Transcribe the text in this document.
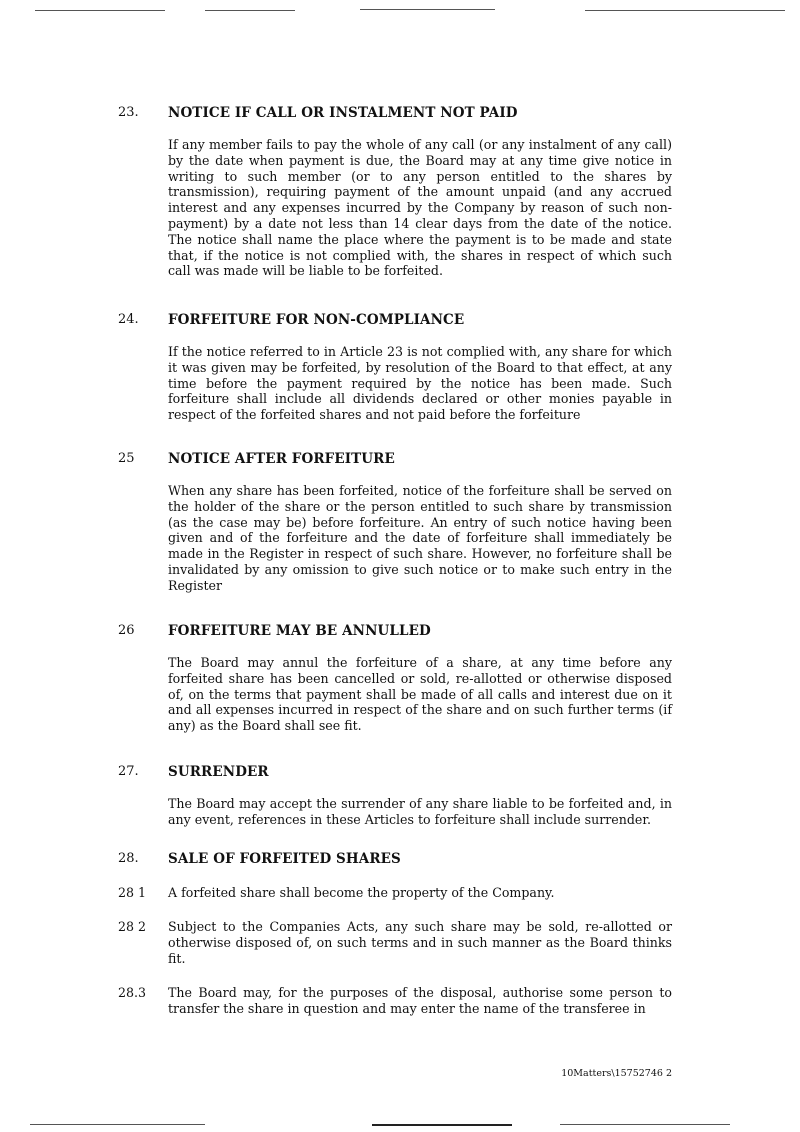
23. NOTICE IF CALL OR INSTALMENT NOT PAID
If any member fails to pay the whole of any call (or any instalment of any call) by the date when payment is due, the Board may at any time give notice in writing to such member (or to any person entitled to the shares by transmission), requiring payment of the amount unpaid (and any accrued interest and any expenses incurred by the Company by reason of such non-payment) by a date not less than 14 clear days from the date of the notice. The notice shall name the place where the payment is to be made and state that, if the notice is not complied with, the shares in respect of which such call was made will be liable to be forfeited.
24. FORFEITURE FOR NON-COMPLIANCE
If the notice referred to in Article 23 is not complied with, any share for which it was given may be forfeited, by resolution of the Board to that effect, at any time before the payment required by the notice has been made. Such forfeiture shall include all dividends declared or other monies payable in respect of the forfeited shares and not paid before the forfeiture
25 NOTICE AFTER FORFEITURE
When any share has been forfeited, notice of the forfeiture shall be served on the holder of the share or the person entitled to such share by transmission (as the case may be) before forfeiture. An entry of such notice having been given and of the forfeiture and the date of forfeiture shall immediately be made in the Register in respect of such share. However, no forfeiture shall be invalidated by any omission to give such notice or to make such entry in the Register
26 FORFEITURE MAY BE ANNULLED
The Board may annul the forfeiture of a share, at any time before any forfeited share has been cancelled or sold, re-allotted or otherwise disposed of, on the terms that payment shall be made of all calls and interest due on it and all expenses incurred in respect of the share and on such further terms (if any) as the Board shall see fit.
27. SURRENDER
The Board may accept the surrender of any share liable to be forfeited and, in any event, references in these Articles to forfeiture shall include surrender.
28. SALE OF FORFEITED SHARES
28 1 A forfeited share shall become the property of the Company.
28 2 Subject to the Companies Acts, any such share may be sold, re-allotted or otherwise disposed of, on such terms and in such manner as the Board thinks fit.
28.3 The Board may, for the purposes of the disposal, authorise some person to transfer the share in question and may enter the name of the transferee in
10Matters\15752746 2
